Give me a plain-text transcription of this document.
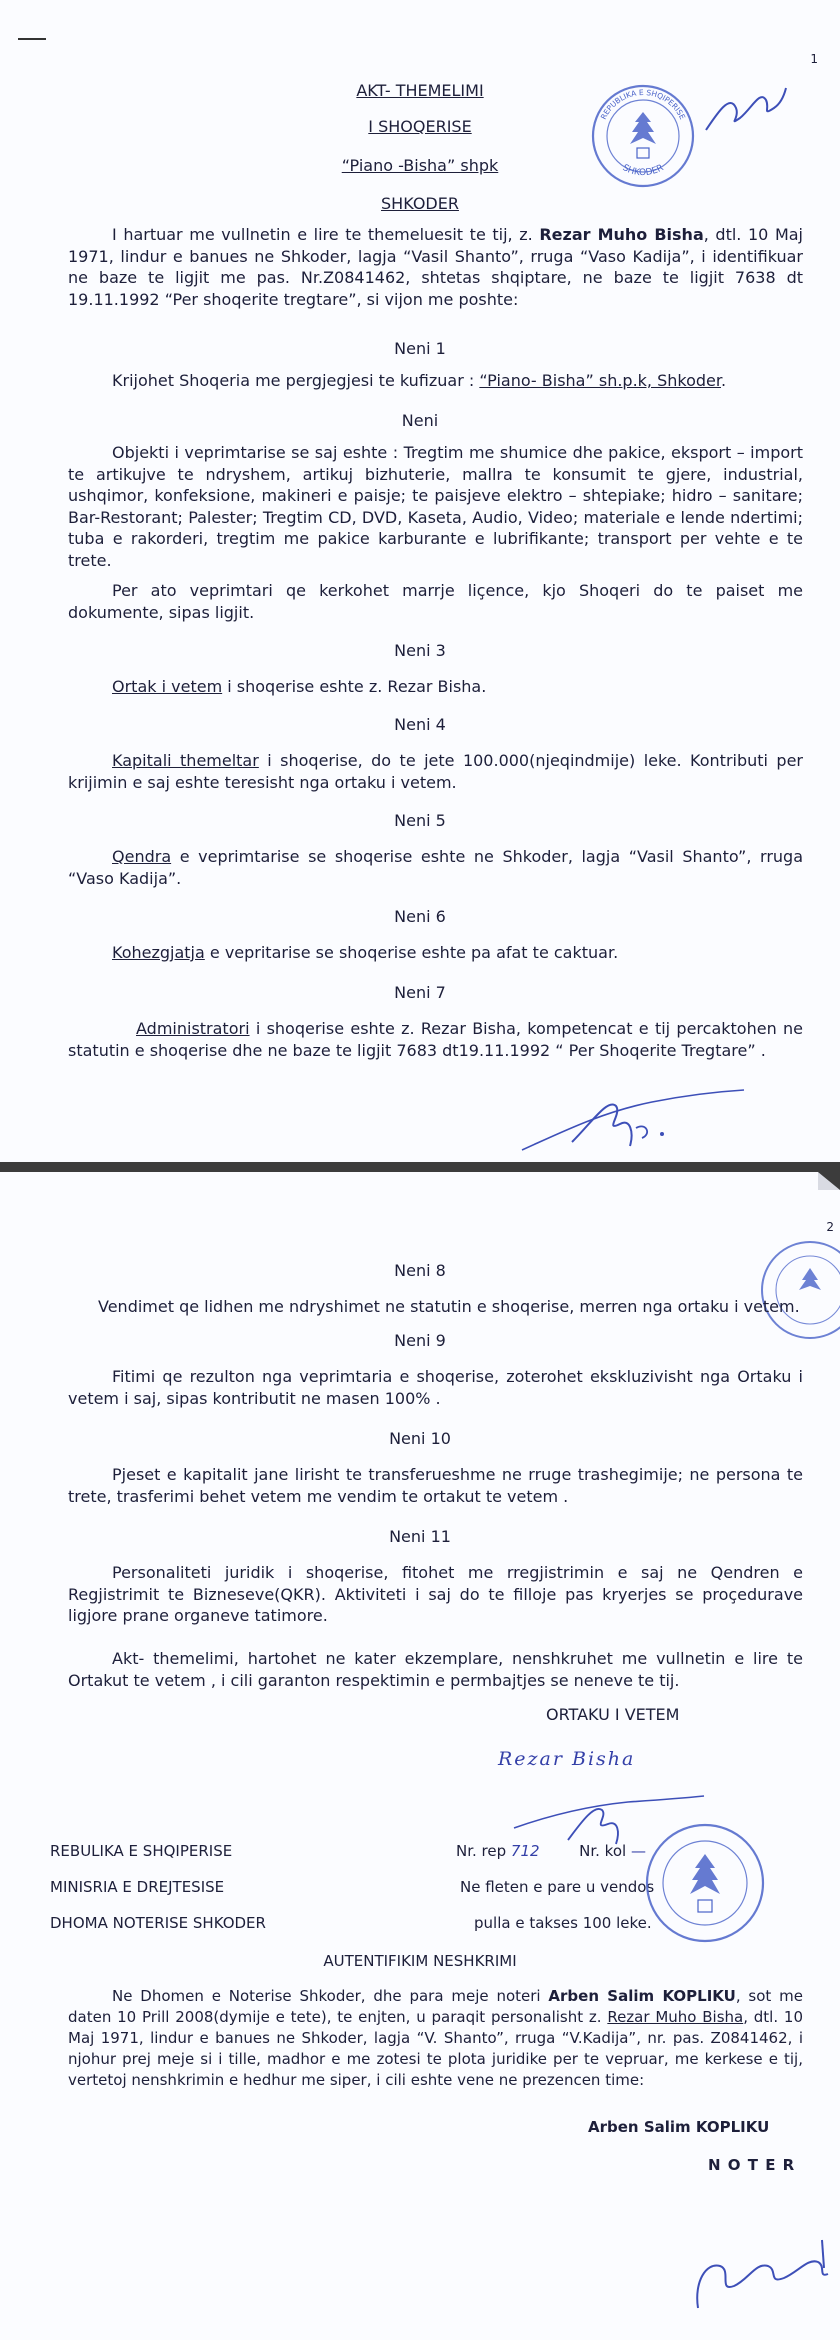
1
AKT- THEMELIMI
I SHOQERISE
“Piano -Bisha” shpk
SHKODER
REPUBLIKA E SHQIPERISE
SHKODER
I hartuar me vullnetin e lire te themeluesit te tij, z. Rezar Muho Bisha, dtl. 10 Maj 1971, lindur e banues ne Shkoder, lagja “Vasil Shanto”, rruga “Vaso Kadija”, i identifikuar ne baze te ligjit me pas. Nr.Z0841462, shtetas shqiptare, ne baze te ligjit 7638 dt 19.11.1992 “Per shoqerite tregtare”, si vijon me poshte:
Neni 1
Krijohet Shoqeria me pergjegjesi te kufizuar : “Piano- Bisha” sh.p.k, Shkoder.
Neni
Objekti i veprimtarise se saj eshte : Tregtim me shumice dhe pakice, eksport – import te artikujve te ndryshem, artikuj bizhuterie, mallra te konsumit te gjere, industrial, ushqimor, konfeksione, makineri e paisje; te paisjeve elektro – shtepiake; hidro – sanitare; Bar-Restorant; Palester; Tregtim CD, DVD, Kaseta, Audio, Video; materiale e lende ndertimi; tuba e rakorderi, tregtim me pakice karburante e lubrifikante; transport per vehte e te trete.
Per ato veprimtari qe kerkohet marrje liçence, kjo Shoqeri do te paiset me dokumente, sipas ligjit.
Neni 3
Ortak i vetem i shoqerise eshte z. Rezar Bisha.
Neni 4
Kapitali themeltar i shoqerise, do te jete 100.000(njeqindmije) leke. Kontributi per krijimin e saj eshte teresisht nga ortaku i vetem.
Neni 5
Qendra e veprimtarise se shoqerise eshte ne Shkoder, lagja “Vasil Shanto”, rruga “Vaso Kadija”.
Neni 6
Kohezgjatja e vepritarise se shoqerise eshte pa afat te caktuar.
Neni 7
Administratori i shoqerise eshte z. Rezar Bisha, kompetencat e tij percaktohen ne statutin e shoqerise dhe ne baze te ligjit 7683 dt19.11.1992 “ Per Shoqerite Tregtare” .
2
Neni 8
Vendimet qe lidhen me ndryshimet ne statutin e shoqerise, merren nga ortaku i vetem.
Neni 9
Fitimi qe rezulton nga veprimtaria e shoqerise, zoterohet ekskluzivisht nga Ortaku i vetem i saj, sipas kontributit ne masen 100% .
Neni 10
Pjeset e kapitalit jane lirisht te transferueshme ne rruge trashegimije; ne persona te trete, trasferimi behet vetem me vendim te ortakut te vetem .
Neni 11
Personaliteti juridik i shoqerise, fitohet me rregjistrimin e saj ne Qendren e Regjistrimit te Bizneseve(QKR). Aktiviteti i saj do te filloje pas kryerjes se proçedurave ligjore prane organeve tatimore.
Akt- themelimi, hartohet ne kater ekzemplare, nenshkruhet me vullnetin e lire te Ortakut te vetem , i cili garanton respektimin e permbajtjes se neneve te tij.
ORTAKU I VETEM
Rezar Bisha
REBULIKA E SHQIPERISE
MINISRIA E DREJTESISE
DHOMA NOTERISE SHKODER
Nr. rep 712	Nr. kol —
Ne fleten e pare u vendos
pulla e takses 100 leke.
AUTENTIFIKIM NESHKRIMI
Ne Dhomen e Noterise Shkoder, dhe para meje noteri Arben Salim KOPLIKU, sot me daten 10 Prill 2008(dymije e tete), te enjten, u paraqit personalisht z. Rezar Muho Bisha, dtl. 10 Maj 1971, lindur e banues ne Shkoder, lagja “V. Shanto”, rruga “V.Kadija”, nr. pas. Z0841462, i njohur prej meje si i tille, madhor e me zotesi te plota juridike per te vepruar, me kerkese e tij, vertetoj nenshkrimin e hedhur me siper, i cili eshte vene ne prezencen time:
Arben Salim KOPLIKU
N O T E R
